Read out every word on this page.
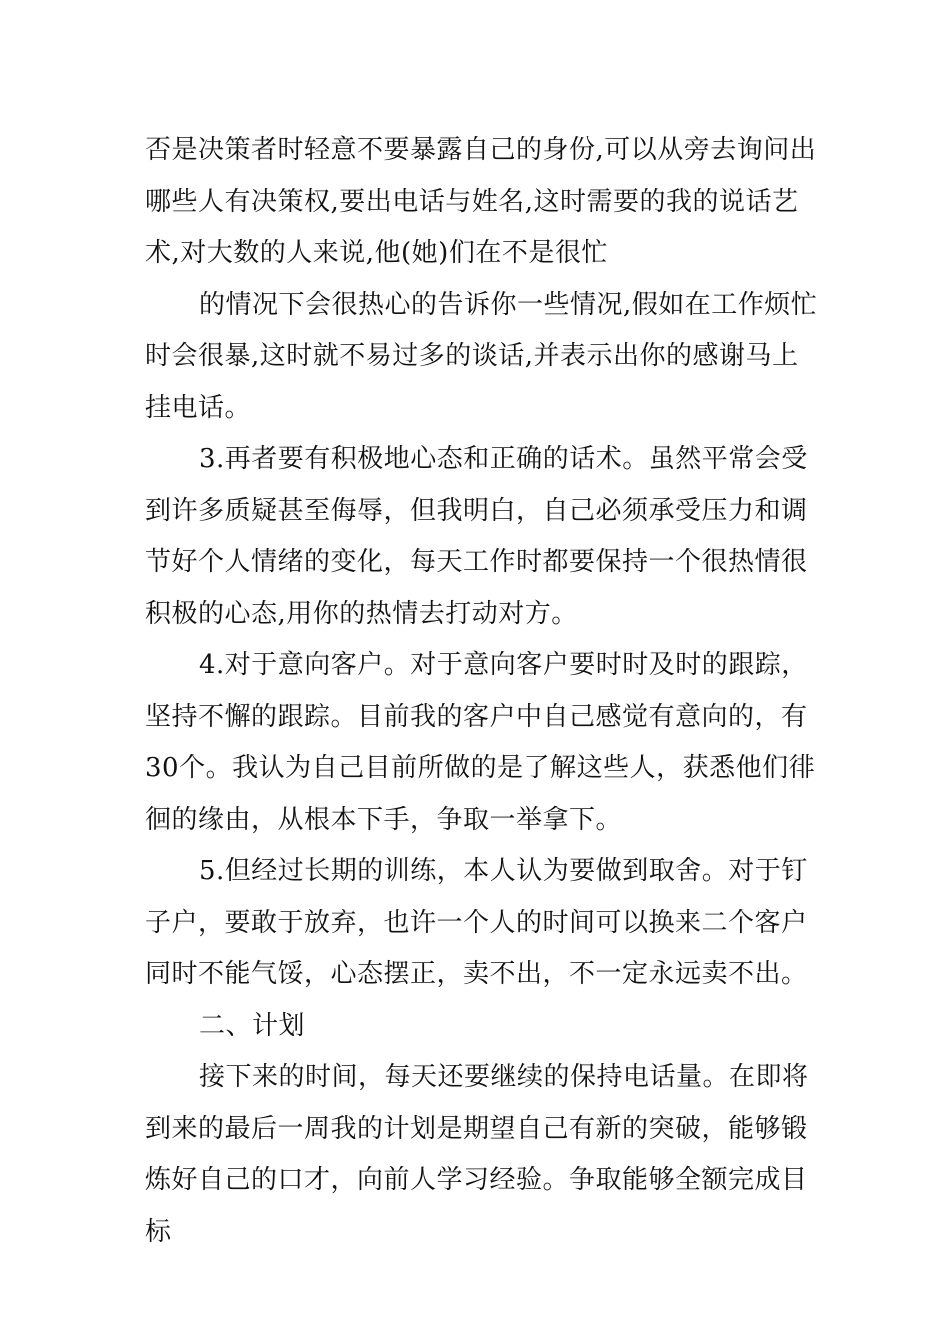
否是决策者时轻意不要暴露自己的身份,可以从旁去询问出
哪些人有决策权,要出电话与姓名,这时需要的我的说话艺
术,对大数的人来说,他(她)们在不是很忙
的情况下会很热心的告诉你一些情况,假如在工作烦忙
时会很暴,这时就不易过多的谈话,并表示出你的感谢马上
挂电话。
3.再者要有积极地心态和正确的话术。虽然平常会受
到许多质疑甚至侮辱，但我明白，自己必须承受压力和调
节好个人情绪的变化，每天工作时都要保持一个很热情很
积极的心态,用你的热情去打动对方。
4.对于意向客户。对于意向客户要时时及时的跟踪，
坚持不懈的跟踪。目前我的客户中自己感觉有意向的，有
30个。我认为自己目前所做的是了解这些人，获悉他们徘
徊的缘由，从根本下手，争取一举拿下。
5.但经过长期的训练，本人认为要做到取舍。对于钉
子户，要敢于放弃，也许一个人的时间可以换来二个客户
同时不能气馁，心态摆正，卖不出，不一定永远卖不出。
二、计划
接下来的时间，每天还要继续的保持电话量。在即将
到来的最后一周我的计划是期望自己有新的突破，能够锻
炼好自己的口才，向前人学习经验。争取能够全额完成目
标
